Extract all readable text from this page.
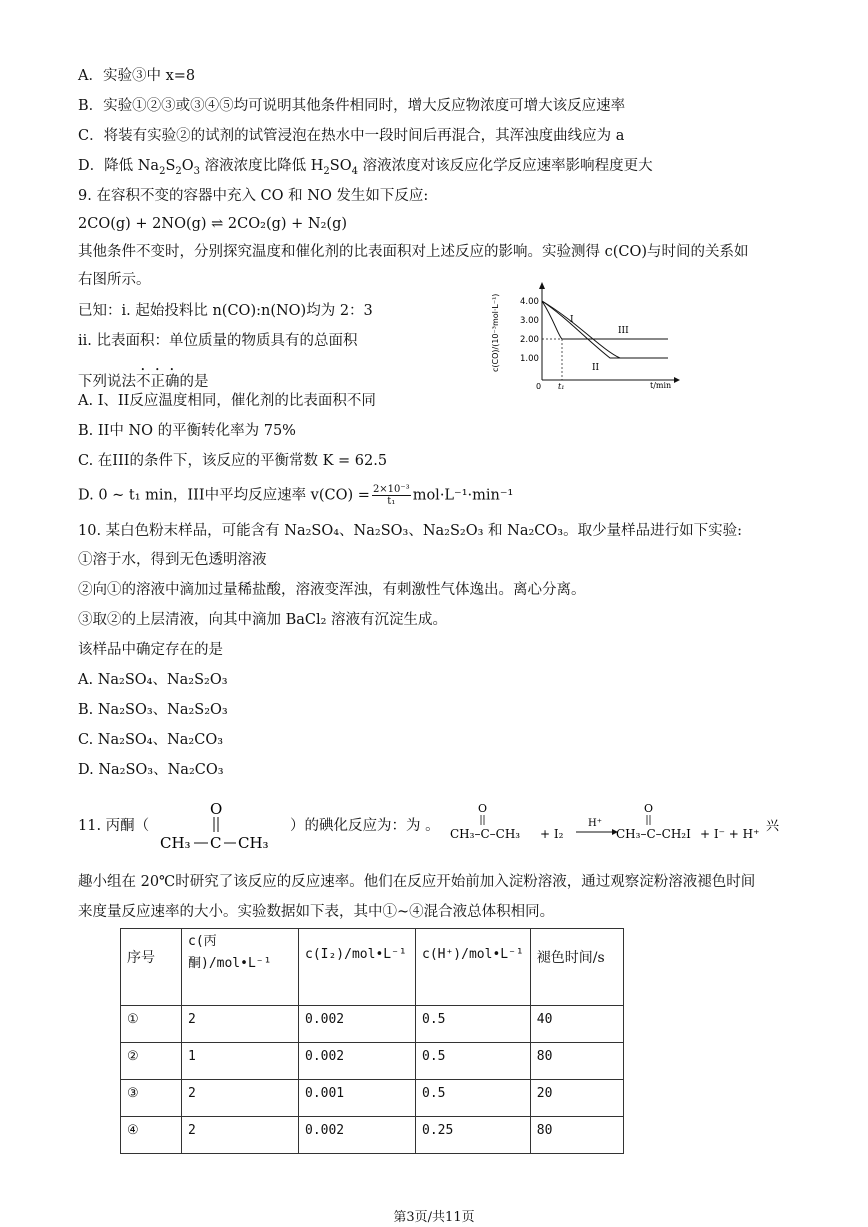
A．实验③中 x=8
B．实验①②③或③④⑤均可说明其他条件相同时，增大反应物浓度可增大该反应速率
C．将装有实验②的试剂的试管浸泡在热水中一段时间后再混合，其浑浊度曲线应为 a
D．降低 $Na_2S_2O_3$ 溶液浓度比降低 $H_2SO_4$ 溶液浓度对该反应化学反应速率影响程度更大
9. 在容积不变的容器中充入 CO 和 NO 发生如下反应:
2CO(g) + 2NO(g) ⇌ 2CO₂(g) + N₂(g)
其他条件不变时，分别探究温度和催化剂的比表面积对上述反应的影响。实验测得 c(CO)与时间的关系如
右图所示。
已知：i. 起始投料比 n(CO):n(NO)均为 2：3
ii. 比表面积：单位质量的物质具有的总面积
下列说法不正确的是
A. I、II反应温度相同，催化剂的比表面积不同
B. II中 NO 的平衡转化率为 75%
C. 在III的条件下，该反应的平衡常数 K = 62.5
D. 0 ~ t₁ min，III中平均反应速率 $v(CO) = \frac{\text{2×10⁻³}}{\text{t₁}} mol\cdot L^{-1}\cdot\min^{-1}$
c(CO)/(10⁻³mol·L⁻¹) 4.00
3.00
2.00
1.00
0 t₁	t/min
I
II
III
10. 某白色粉末样品，可能含有 Na₂SO₄、Na₂SO₃、Na₂S₂O₃ 和 Na₂CO₃。取少量样品进行如下实验:
①溶于水，得到无色透明溶液
②向①的溶液中滴加过量稀盐酸，溶液变浑浊，有刺激性气体逸出。离心分离。
③取②的上层清液，向其中滴加 BaCl₂ 溶液有沉淀生成。
该样品中确定存在的是
A. Na₂SO₄、Na₂S₂O₃
B. Na₂SO₃、Na₂S₂O₃
C. Na₂SO₄、Na₂CO₃
D. Na₂SO₃、Na₂CO₃
11. 丙酮（
O
CH₃ C CH₃
）的碘化反应为：为 。
O
CH₃–C–CH₃ + I₂
H⁺
O
CH₃–C–CH₂I + I⁻ + H⁺ 兴
趣小组在 20℃时研究了该反应的反应速率。他们在反应开始前加入淀粉溶液，通过观察淀粉溶液褪色时间
来度量反应速率的大小。实验数据如下表，其中①~④混合液总体积相同。
序号	c(丙
酮)/mol•L⁻¹	c(I₂)/mol•L⁻¹	c(H⁺)/mol•L⁻¹	褪色时间/s
①	2	0.002	0.5	40
②	1	0.002	0.5	80
③	2	0.001	0.5	20
④	2	0.002	0.25	80
第3页/共11页
